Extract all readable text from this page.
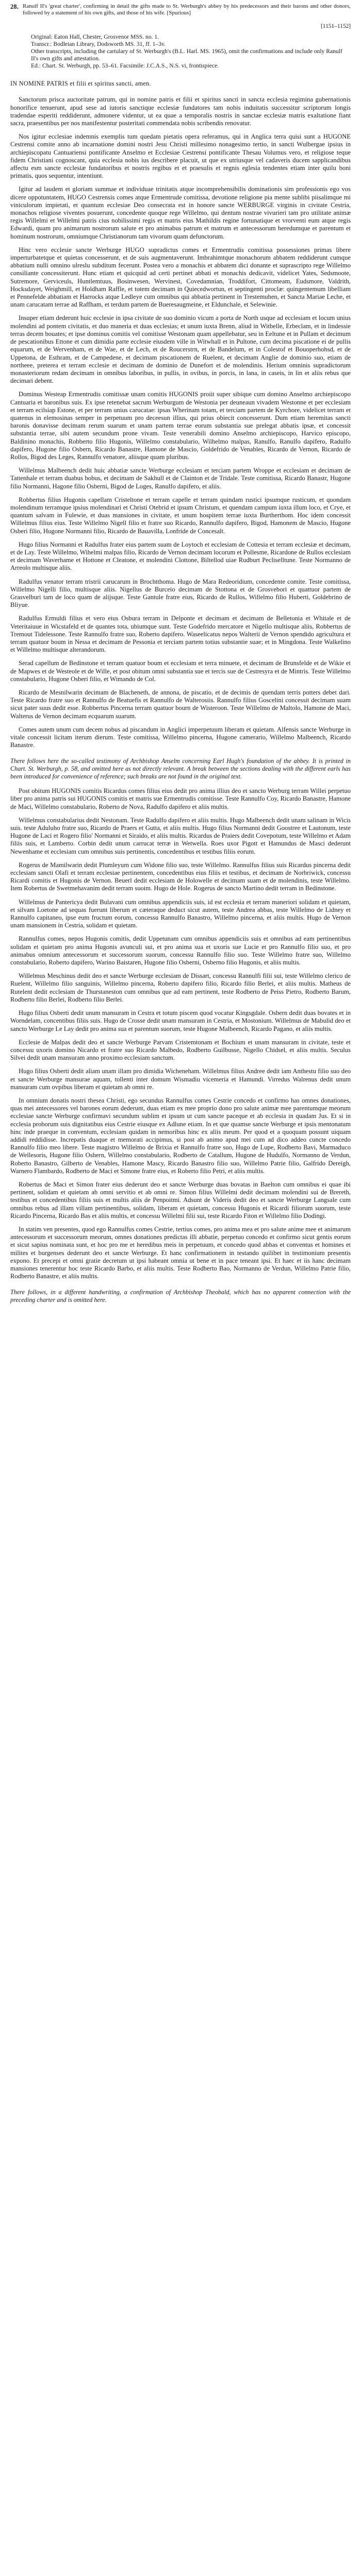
28. Ranulf II's 'great charter', confirming in detail the gifts made to St. Werburgh's abbey by his predecessors and their barons and other donors, followed by a statement of his own gifts, and those of his wife. [Spurious]

[1151–1152]

Original: Eaton Hall, Chester, Grosvenor MSS. no. 1.

Transcr.: Bodleian Library, Dodsworth MS. 31, ff. 1–3v.

Other transcripts, including the cartulary of St. Werburgh's (B.L. Harl. MS. 1965), omit the confirmations and include only Ranulf II's own gifts and attestation.

Ed.: Chart. St. Werburgh, pp. 53–61. Facsimile: J.C.A.S., N.S. vi, frontispiece.

IN NOMINE PATRIS et filii et spiritus sancti, amen.

Sanctorum prisca auctoritate patrum, qui in nomine patris et filii et spiritus sancti in sancta ecclesia regimina gubernationis honorifice tenuerunt, apud sese ad iutoris sanctique ecclesiæ fundatores tam nobis induitatis successitur scriptorum longis tradendae esperiti reddiderunt, admonere videntur, ut ea quae a temporalis nostris in sanctae ecclesiæ matris exaltatione fiant sacra, praesentibus per nos manifestentur posteritati commendata nobis scribendis renovatur.

Nos igitur ecclesiae indemnis exemplis tum quedam pietatis opera referamus, qui in Anglica terra quisi sunt a HUGONE Cestrensi comite anno ab incarnatione domini nostri Jesu Christi millesimo nonagesimo tertio, in sancti Wulbergae ipsius in archiepiscopatu Cantuariensi pontificante Anselmo et Ecclesiae Cestrensi pontificante Thesau Volumus vero, et religiose teque fidem Christiani cognoscant, quia ecclesia nobis ius describere placuit, ut que ex utriusque vel cadaveris ducem sapplicandibus affectu esm sancte ecclesiæ fundatoribus et nostris regibus et et praesulis et regnis eglesia tendentes etiam inter quilu boni primatis, quos sequentur, intentiunt.

Igitur ad laudem et gloriam summae et individuae trinitatis atque incomprehensibilis dominationis sim professionis ego vos dicere oppotuntatem, HUGO Cestrensis comes atque Ermentrude comitissa, devotione religione pia mente sublibi piisalimque mi viniculorum impietati, et quantum ecclesiae Deo consecrata est in honore sancte WERBURGE virginis in civitate Cestria, monachos religiose viventes posuerunt, concedente quoque rege Willelmo, qui dentum nostrae vivurieri tam pro utilitate animæ regis Willelmi et Willelmi patris cius nobilissimi regis et matris eius Mathildis regine fortunatique et vrorventi eum atque regis Edwardi, quam pro animarum nostrorum salute et pro animabus patrum et matrum et antecessorum heredumque et parentum et hominum nostrorum, omniumque Christianorum tam vivorum quam defunctorum.

Hinc vero ecclesie sancte Werburge HUGO supradictus comes et Ermentrudis comitissa possessiones primas libere imperturbatetque et quietas concesserunt, et de suis augmentaverunt. Imbrahimtque monachorum abbatem reddiderunt cumque abbatium nulli omnino ulreslu subditum fecerunt. Postea vero a monachis et abbatem dici donante et suprascripto rege Willelmo consiliante concessiterunt. Hunc etiam et quicquid ad certi pertinet abbati et monachis dedicavit, videlicet Yates, Sedsmoote, Sutremore, Gerviceuls, Huntlemtuus, Bosinwesen, Wervinest, Covedamnian, Troddifort, Cittomeam, Eudsmore, Valdrith, Hocksdayet, Weighmill, et Holdham Raffle, et totem decimam in Quiecedwortun, et septingenti proclæ: quingentemum libelliam et Pennefelde abbatiam et Harrocks atque Ledleye cum omnibus qui abbatia pertinent in Trestemuhen, et Sancta Mariae Leche, et unam carucatam terrae ad Raffham, et terdum partem de Bueresaugmeine, et Eldunchale, et Selewinie.

Insuper etiam dederunt huic ecclesie in ipsa civitate de suo dominio vicum a porta de North usque ad ecclesiam et locum unius molendini ad pontem civitatis, et duo maneria et duas ecclesias; et unum iuxta Brenn, aliud in Witbelle, Erbeclam, et in lindessie terras decem bouates; et ipse dominus comitis vel comitisse Westonam quam appellebatur, seu in Eeltune et in Pullam et decimum de pescationibus Ettone et cum dimidia parte ecclesie eiusdem ville in Witwhall et in Pultone, cum decima piscatione ei de pullis equarum, et de Wervenham, et de Wae, et de Lech, et de Roucerstrn, et de Bandelum, et in Colestof et Bouoperhohsd, et de Uppetona, de Esthram, et de Campedene, et decimam piscationem de Ruelent, et decimam Anglie de dominio suo, etiam de northeee, preterea et terram ecclesie et decimam de dominio de Dunefort et de molendinis. Herium omninis supradictorum monasteriorum redam decimam in omnibus laboribus, in pullis, in ovibus, in porcis, in lana, in caseis, in lin et aliis rebus que decimari debent.

Dominus Westeap Ermentrudis comitissæ unam comitis HUGONIS proiit super sibique cum domino Anselmo archiepiscopo Cantuaria et baronibus suis. Ex ipse retenebat sacrum Werburgum de Westonia per deuneaun vivadem Westonne et per ecclesiam et terram ecilsiap Estone, et per terram unius carucatae: ipsas Wherinam totam, et terciam partem de Kyrchore, videlicet terram et quatenus in elemosinas semper in perpetuum pro deceesun illius, qui prius obiecit concesserunt. Dum etiam heremitas sancti baronis donavisse decimam rerum suarum et unam partem terrae eorum substantia sue prelegat abbatis ipsæ, et concessit substantia terrae, sibi autem secundum prone vivam. Teste venerabili domino Anselmo archiepiscopo, Harvico episcopo, Baldinino monachis, Robberto filio Hugonis, Willelmo constabulario, Wilhelmo malpas, Ranulfo, Ranulfo dapifero, Radulfo dapifero, Hugone filio Osbern, Ricardo Banastre, Hamone de Mascio, Goldefrido de Venables, Ricardo de Vernon, Ricardo de Rollos, Bigod des Leges, Rannulfo venatore, aliisque quam pluribus.

Willelmus Malbeench dedit huic abbatiæ sancte Werburge ecclesiam et terciam partem Wroppe et ecclesiam et decimam de Tattenhale et terram duabus bobus, et decimam de Sakhull et de Clainton et de Tridale. Teste comitissa, Ricardo Banastr, Hugone filio Normanni, Hagone filio Osberni, Bigod de Loges, Ranulfo dapifero, et aliis.

Robbertus filius Hugonis capellam Cristeltone et terram capelle et terram quindam rustici ipsumque rusticum, et quondam molendinum terramque ipsius molendinari et Christi Otebrid et ipsum Christum, et quendam campum iuxta illum loco, et Crye, et quantum salvam in Fulewie, et duas mansiones in civitate, et unum hospitem terrae iuxta Burtherthom. Hoc idem concessit Willelmus filius eius. Teste Willelmo Nigell filio et fratre suo Ricardo, Rannulfo dapifero, Bigod, Hamonem de Mascio, Hugone Osberi filio, Hugone Normanni filio, Ricardo de Bauavilla, Lonfride de Concesalt.

Hugo filius Normanni et Radulfus frater eius partem suam de Loytoch et ecclesiam de Cottesia et terram ecclesiæ et decimam, et de Lay. Teste Willelmo, Wihelmi malpas filio, Ricardo de Vernon decimam locorum et Pollesme, Ricardone de Rullos ecclesiam et decimam Waverhame et Hottone et Cleatone, et molendini Clottone, Biltellod uiae Rudburt Pecliselltune. Teste Normanno de Arreolo multisque aliis.

Radulfus venator terram tristrii carucarum in Brochtthoma. Hugo de Mara Redeoridium, concedente comite. Teste comitissa, Willelmo Nigelli filio, multisque aliis. Nigellus de Burceio decimam de Stottona et de Grosvebori et quattuor partem de Grasvelburi tam de loco quam de alijsque. Teste Gantule fratre eius, Ricardo de Rullos, Willelmo filio Huberti, Goldebrino de Bliyue.

Radulfus Ermuldi filius et vero eius Osbura terram in Delponte et decimam et decimam de Belletonia et Whitale et de Veteritaiuue in Wicstafeld et de quantes tota, ubiumque sunt. Teste Godefrido mercatore et Nigello multisque aliis, Robbertus de Tremout Tidelessone. Teste Rannulfo fratre suo, Roberto dapifero. Waseelicatus nepos Walterii de Vernon spendido agricultura et terram quatuor boum in Nessa et decimam de Pessonia et terciam partem totius substantie suae; et in Mingdona. Teste Walkelino et Willelmo multisque alterandorum.

Serad capellum de Bedinstone et terram quatuor boum et ecclesiam et terra minuete, et decimam de Brunsfelde et de Wikie et de Mapwes et de Westeole et de Wille, et post obitum omni substantia sue et tercis sue de Cestresyra et de Mintris. Teste Willelmo constabulario, Hugone Osberi filio, et Wimando de Col.

Ricardo de Mesnilwarin decimam de Blacheneth, de annona, de piscatio, et de decimis de quendam terris potters debet dari. Teste Ricardo fratre suo et Rannulfo de Beatuefis et Rannulfo de Walterosiis. Rannulfo filius Goscelini concessit decimam suam sicut pater suus dedit esse. Robbertus Pincerna terram quatuor bourn de Wisteroon. Teste Willelmo de Maltolo, Hamone de Maci, Walterus de Vernon decimam ecquarum suarum.

Comes autem unum cum decem nobus ad piscandum in Anglici imperpetuum liberam et quietam. Alfensis sancte Werburge in vitale concessit licitam iterum dierum. Teste comitissa, Willelmo pincerna, Hugone camerario, Willelmo Malbeench, Ricardo Banastre.

There follows here the so-called testimony of Archbishop Anselm concerning Earl Hugh's foundation of the abbey. It is printed in Chart. St. Werburgh, p. 58, and omitted here as not directly relevant. A break between the sections dealing with the different earls has been introduced for convenience of reference; such breaks are not found in the original text.

Post obitum HUGONIS comitis Ricardus comes filius eius dedit pro anima illius deo et sancto Werburg terram Willei perpetuo liber pro anima patris sui HUGONIS comitis et matris sue Ermentrudis comitisse. Teste Rannulfo Coy, Ricardo Banastre, Hamone de Maci, Willelmo constabulario, Roberto de Nova, Radulfo dapifero et aliis multis.

Willelmus constabularius dedit Nestonam. Teste Radulfo dapifero et aliis multis. Hugo Malbeench dedit unam salinam in Wicis suis. teste Aduluho fratre suo, Ricardo de Praers et Gutta, et aliis multis. Hugo filius Normanni dedit Goostree et Lautonum, teste Hugone de Laci et Rogero filio' Normanni et Siraido, et aliis multis. Ricardus de Praiers dedit Covepotum, teste Willelmo et Adam filiis suis, et Lamberto. Corbin dedit unum carrucat terræ in Wetwella. Roes uxor Pigott et Hamundus de Masci dederunt Newenhame et ecclesiam cum omnibus suis pertinentis, concedentibus et testibus filiis eorum.

Rogerus de Mamilwarin dedit Plumleyum cum Widone filio suo, teste Willelmo. Rannulfus filius suis Ricardus pincerna dedit ecclesiam sancti Olafi et terram ecclesiae pertinentem, concedentibus eius filiis et testibus, et decimam de Norbriwick, concessu Ricardi comitis et Hugonis de Vernon. Beuerl dedit ecclesiam de Holowelle et decimam suam et de molendinis, teste Willelmo. Item Robertus de Swetmehavanim dedit terram suoim. Hugo de Hole. Rogerus de sancto Martino dedit terram in Bedinstone.

Willelmus de Pantericya dedit Bulavani cum omnibus appendiciis suis, id est ecclesia et terram maneriori solidam et quietam, et silvam Loetone ad sequas fuerunt liberum et cæteraque deduct sicut autem, teste Andrea abbas, teste Willelmo de Lidney et Rannulfo capitaneo, ipse eum fructum eorum, concessu Rannulfo Banastro, Willelmo pincerna, et aliis multis. Hugo de Vernon unam mansionem in Cestria, solidam et quietam.

Rannulfus comes, nepos Hugonis comitis, dedit Uppetunam cum omnibus appendiciis suis et omnibus ad eam pertinentibus solidam et quietam pro anima Hugonis avunculi sui, et pro anima sua et uxoris sue Lucie et pro Rannulfo filio suo, et pro animabus omnium antecessorum et successorum suorum, concessu Rannulfo filio suo. Teste Willelmo fratre suo, Willelmo constabulario, Roberto dapifero, Warino Baistaren, Hugone filio Osberni, Osberno filio Hugonis, et aliis multis.

Willelmus Meschinus dedit deo et sancte Werburge ecclesiam de Dissart, concessu Rannulfi filii sui, teste Willelmo clerico de Ruelent, Willelmo filio sanguinis, Willelmo pincerna, Roberto dapifero filio, Ricardo filio Berlei, et aliis multis. Matheus de Rutelent dedit ecclesiam de Thurstaneston cum omnibus que ad eam pertinent, teste Rodberto de Peiss Pietro, Rodberto Barum, Rodberto filio Berlei, Rodberto filio Berlei.

Hugo filius Osberti dedit unum mansuram in Cestra et totum piscem quod vocatur Kingsgdale. Osbern dedit duas bovates et in Worndelam, concentibus filiis suis. Hugo de Crosse dedit unam mansuram in Cestria, et Mostonium. Willelmus de Mabulid deo et sancto Werburge Le Lay dedit pro anima sua et parentum suorum, teste Hugone Malbeench, Ricardo Pagano, et aliis multis.

Ecclesie de Malpas dedit deo et sancte Werburge Parvam Cristemtonam et Bochium et unam mansuram in civitate, teste et concessu uxoris domino Nicardo et fratre suo Ricardo Malbedo, Rodberto Guilbusse, Nigello Chidsel, et aliis multis. Seculus Silvei dedit unam mansuram anno proximo ecclesiam sanctum.

Hugo filius Osberti dedit aliam unam illam pro dimidia Wicheneham. Willelmus filius Andree dedit iam Anthestu filio suo deo et sancte Werburge mansurae aquam, tollenti inter domum Wismadiu vicemeria et Hamundi. Virredus Walrenus dedit unum mansuram cum ovpibus liberam et quietam ab omni re.

In omnium donatis nostri thesea Christi, ego secundus Rannulfus comes Cestrie concedo et confirmo has omnes donationes, quas mei antecessores vel barones eorum dederunt, duas etiam ex mee proprio dono pro salute animæ mee parentumque meorum ecclesiae sancte Werburge confirmavi secundum sublim et ipsum ut cum sancte paceque et ab ecclesia in quadam Jus. Et si in ecclesia proborum suis dignitatibus eius Cestrie eiusque ex Adlune etiam. In et que quamse sancte Werburge et ipsis mentonatum hinc inde praeque in conventum, ecclesiam quidam in nemoribus hinc ex aliis meum. Per quod et a quoquam possunt uiquam addidi reddidisse. Increpatis duaque et memorati accipimus, si post ab animo apud mei cum ad dico addeo cuncte concedo Rannulfo filio meo libere. Teste magistro Willelmo de Brixia et Rannulfo fratre suo, Hugo de Lupe, Rodberto Bavi, Marmaduco de Wellesoris, Hugone filio Oshern, Willelmo constabulario, Rodberto de Catallum, Hugone de Hudulfo, Normanno de Verdun, Roberto Banastro, Gilberto de Venables, Hamone Mascy, Ricardo Banastro filio suo, Willelmo Patrie filio, Galfrido Dereigh, Warnero Flambardo, Rodberto de Maci et Simone fratre eius, et Roberto filio Petri, et aliis multis.

Robertus de Maci et Simon frater eius dederunt deo et sancte Werburge duas bovatas in Baelton cum omnibus ei quae ibi pertinent, solidam et quietam ab omni servitio et ab omni re. Simon filius Willelmi dedit decimam molendini sui de Brereth, testibus et concedentibus filiis suis et multis aliis de Penpoitmi. Adsunt de Videris dedit deo et sancte Werburge Langsale cum omnibus rebus ad illam villam pertinentibus, solidam, liberam et quietam, concessu Hugonis et Ricardi filiorum suorum, teste Ricardo Pincerna, Ricardo Bas et aliis multis, et concessu Willelmi filii sui, teste Ricardo Fiton et Willelmo filio Dodingi.

In statim ven presentes, quod ego Rannulfus comes Cestrie, tertius comes, pro anima mea et pro salute anime mee et animarum antecessorum et successorum meorum, omnes donationes predictas illi abbatie, perpetuo concedo et confirmo sicut gentis eorum et sicut sapius nominata sunt, et hoc pro me et heredibus meis in perpetuum, et concedo quod abbas et conventus et homines et milites et burgenses dederunt deo et sancte Werburge. Et hanc confirmationem in testando quilibet in testimonium presentis expono. Et precepi et omni gratie decretum ut ipsi habeant omnia ut bene et in pace teneant ipsi. Et haec et iis hanc decimam mansiones tenerentur hoc teste Ricardo Barbo, et aliis multis. Teste Rodberto Bao, Normanno de Verdun, Willelmo Patrie filio, Rodberto Banastre, et aliis multis.

There follows, in a different handwriting, a confirmation of Archbishop Theobald, which has no apparent connection with the preceding charter and is omitted here.
